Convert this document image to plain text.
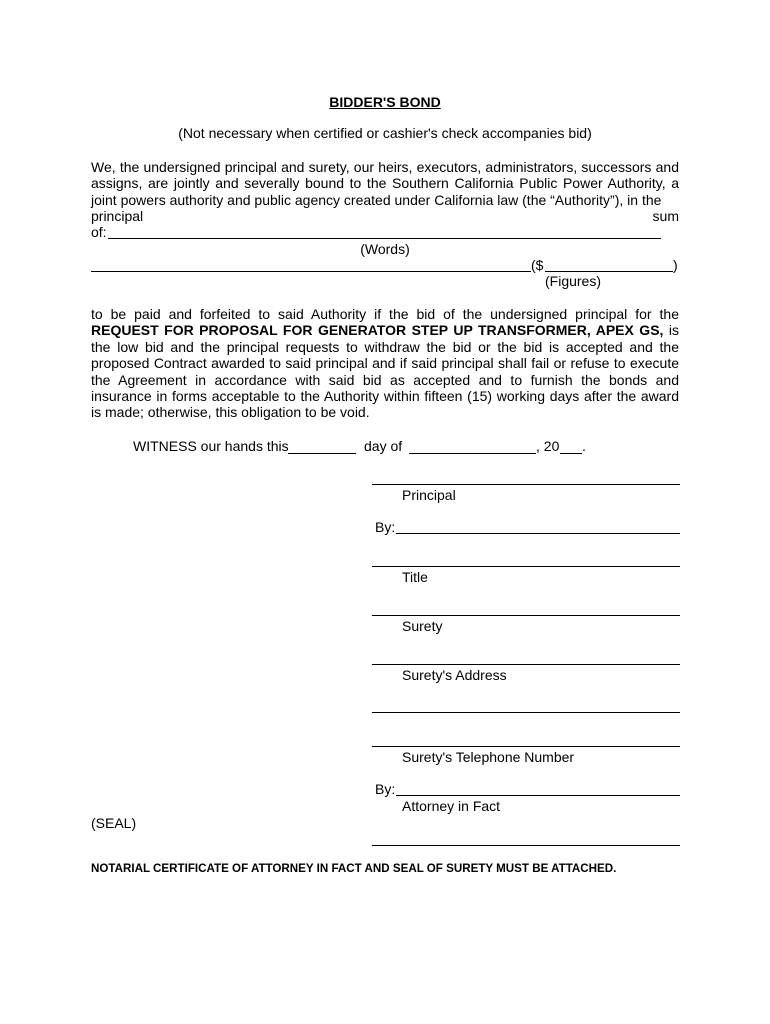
BIDDER'S BOND
(Not necessary when certified or cashier's check accompanies bid)
We, the undersigned principal and surety, our heirs, executors, administrators, successors and assigns, are jointly and severally bound to the Southern California Public Power Authority, a joint powers authority and public agency created under California law (the “Authority”), in the
principal	sum
of:
(Words)
($	)
(Figures)
to be paid and forfeited to said Authority if the bid of the undersigned principal for the REQUEST FOR PROPOSAL FOR GENERATOR STEP UP TRANSFORMER, APEX GS, is the low bid and the principal requests to withdraw the bid or the bid is accepted and the proposed Contract awarded to said principal and if said principal shall fail or refuse to execute the Agreement in accordance with said bid as accepted and to furnish the bonds and insurance in forms acceptable to the Authority within fifteen (15) working days after the award is made; otherwise, this obligation to be void.
WITNESS our hands this	day of	, 20 .
Principal
By:
Title
Surety
Surety's Address
Surety's Telephone Number
By:
Attorney in Fact
(SEAL)
NOTARIAL CERTIFICATE OF ATTORNEY IN FACT AND SEAL OF SURETY MUST BE ATTACHED.
